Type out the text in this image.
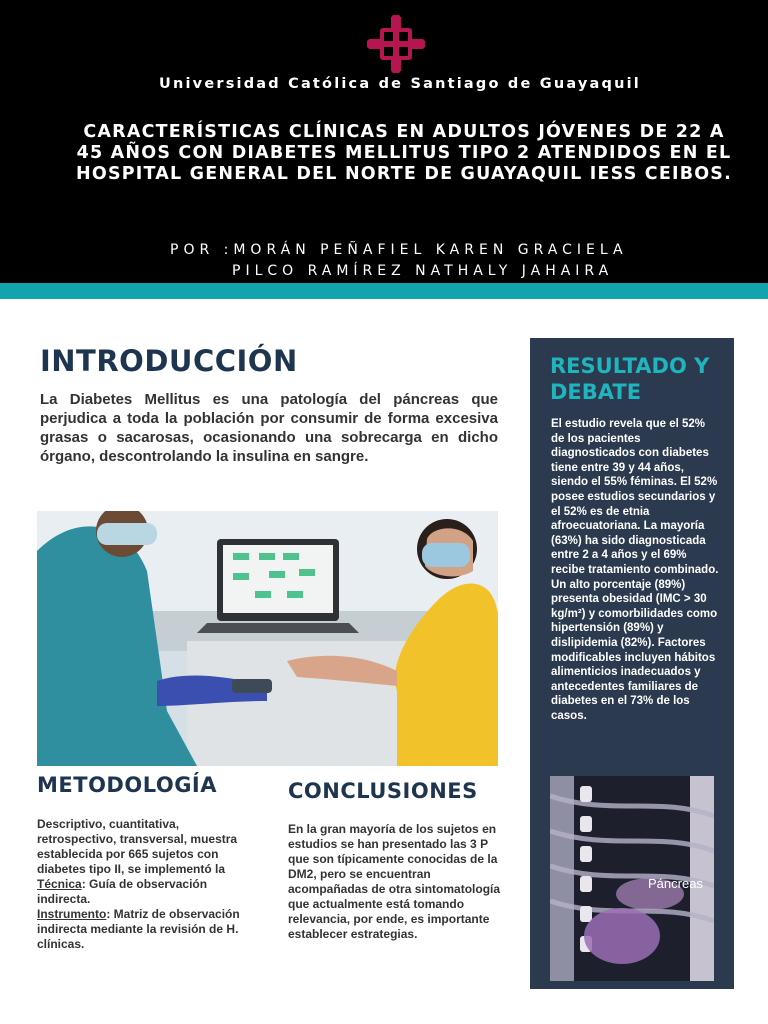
Universidad Católica de Santiago de Guayaquil
CARACTERÍSTICAS CLÍNICAS EN ADULTOS JÓVENES DE 22 A 45 AÑOS CON DIABETES MELLITUS TIPO 2 ATENDIDOS EN EL HOSPITAL GENERAL DEL NORTE DE GUAYAQUIL IESS CEIBOS.
POR :MORÁN PEÑAFIEL KAREN GRACIELA
PILCO RAMÍREZ NATHALY JAHAIRA
INTRODUCCIÓN

La Diabetes Mellitus es una patología del páncreas que perjudica a toda la población por consumir de forma excesiva grasas o sacarosas, ocasionando una sobrecarga en dicho órgano, descontrolando la insulina en sangre.

METODOLOGÍA
Descriptivo, cuantitativa, retrospectivo, transversal, muestra establecida por 665 sujetos con diabetes tipo II, se implementó la
Técnica: Guía de observación indirecta.
Instrumento: Matriz de observación
indirecta mediante la revisión de H. clínicas.
CONCLUSIONES

En la gran mayoría de los sujetos en estudios se han presentado las 3 P que son típicamente conocidas de la DM2, pero se encuentran acompañadas de otra sintomatología que actualmente está tomando relevancia, por ende, es importante establecer estrategias.

RESULTADO Y DEBATE

El estudio revela que el 52% de los pacientes diagnosticados con diabetes tiene entre 39 y 44 años, siendo el 55% féminas. El 52% posee estudios secundarios y el 52% es de etnia afroecuatoriana. La mayoría (63%) ha sido diagnosticada entre 2 a 4 años y el 69% recibe tratamiento combinado. Un alto porcentaje (89%) presenta obesidad (IMC > 30 kg/m²) y comorbilidades como hipertensión (89%) y dislipidemia (82%). Factores modificables incluyen hábitos alimenticios inadecuados y antecedentes familiares de diabetes en el 73% de los casos.

Páncreas
